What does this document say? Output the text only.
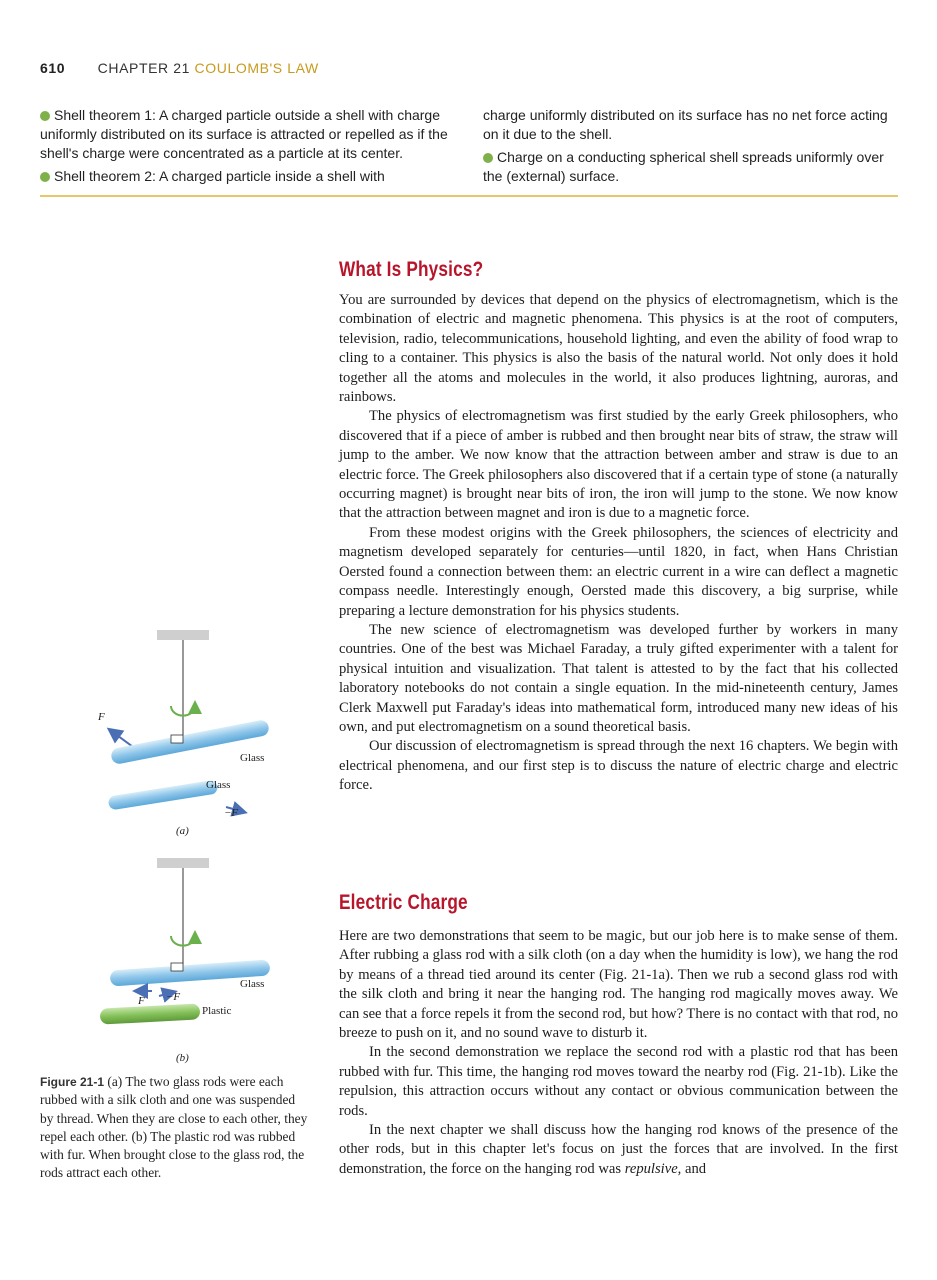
610 CHAPTER 21 COULOMB'S LAW

Shell theorem 1: A charged particle outside a shell with charge uniformly distributed on its surface is attracted or repelled as if the shell's charge were concentrated as a particle at its center.

Shell theorem 2: A charged particle inside a shell with

charge uniformly distributed on its surface has no net force acting on it due to the shell.

Charge on a conducting spherical shell spreads uniformly over the (external) surface.

What Is Physics?

You are surrounded by devices that depend on the physics of electromagnetism, which is the combination of electric and magnetic phenomena. This physics is at the root of computers, television, radio, telecommunications, household lighting, and even the ability of food wrap to cling to a container. This physics is also the basis of the natural world. Not only does it hold together all the atoms and molecules in the world, it also produces lightning, auroras, and rainbows.

The physics of electromagnetism was first studied by the early Greek philosophers, who discovered that if a piece of amber is rubbed and then brought near bits of straw, the straw will jump to the amber. We now know that the attraction between amber and straw is due to an electric force. The Greek philosophers also discovered that if a certain type of stone (a naturally occurring magnet) is brought near bits of iron, the iron will jump to the stone. We now know that the attraction between magnet and iron is due to a magnetic force.

From these modest origins with the Greek philosophers, the sciences of electricity and magnetism developed separately for centuries—until 1820, in fact, when Hans Christian Oersted found a connection between them: an electric current in a wire can deflect a magnetic compass needle. Interestingly enough, Oersted made this discovery, a big surprise, while preparing a lecture demonstration for his physics students.

The new science of electromagnetism was developed further by workers in many countries. One of the best was Michael Faraday, a truly gifted experimenter with a talent for physical intuition and visualization. That talent is attested to by the fact that his collected laboratory notebooks do not contain a single equation. In the mid-nineteenth century, James Clerk Maxwell put Faraday's ideas into mathematical form, introduced many new ideas of his own, and put electromagnetism on a sound theoretical basis.

Our discussion of electromagnetism is spread through the next 16 chapters. We begin with electrical phenomena, and our first step is to discuss the nature of electric charge and electric force.

Electric Charge

Here are two demonstrations that seem to be magic, but our job here is to make sense of them. After rubbing a glass rod with a silk cloth (on a day when the humidity is low), we hang the rod by means of a thread tied around its center (Fig. 21-1a). Then we rub a second glass rod with the silk cloth and bring it near the hanging rod. The hanging rod magically moves away. We can see that a force repels it from the second rod, but how? There is no contact with that rod, no breeze to push on it, and no sound wave to disturb it.

In the second demonstration we replace the second rod with a plastic rod that has been rubbed with fur. This time, the hanging rod moves toward the nearby rod (Fig. 21-1b). Like the repulsion, this attraction occurs without any contact or obvious communication between the rods.

In the next chapter we shall discuss how the hanging rod knows of the presence of the other rods, but in this chapter let's focus on just the forces that are involved. In the first demonstration, the force on the hanging rod was repulsive, and

F
Glass
Glass
−F
(a)
Glass
F −F
Plastic
(b)
Figure 21-1 (a) The two glass rods were each rubbed with a silk cloth and one was suspended by thread. When they are close to each other, they repel each other. (b) The plastic rod was rubbed with fur. When brought close to the glass rod, the rods attract each other.
